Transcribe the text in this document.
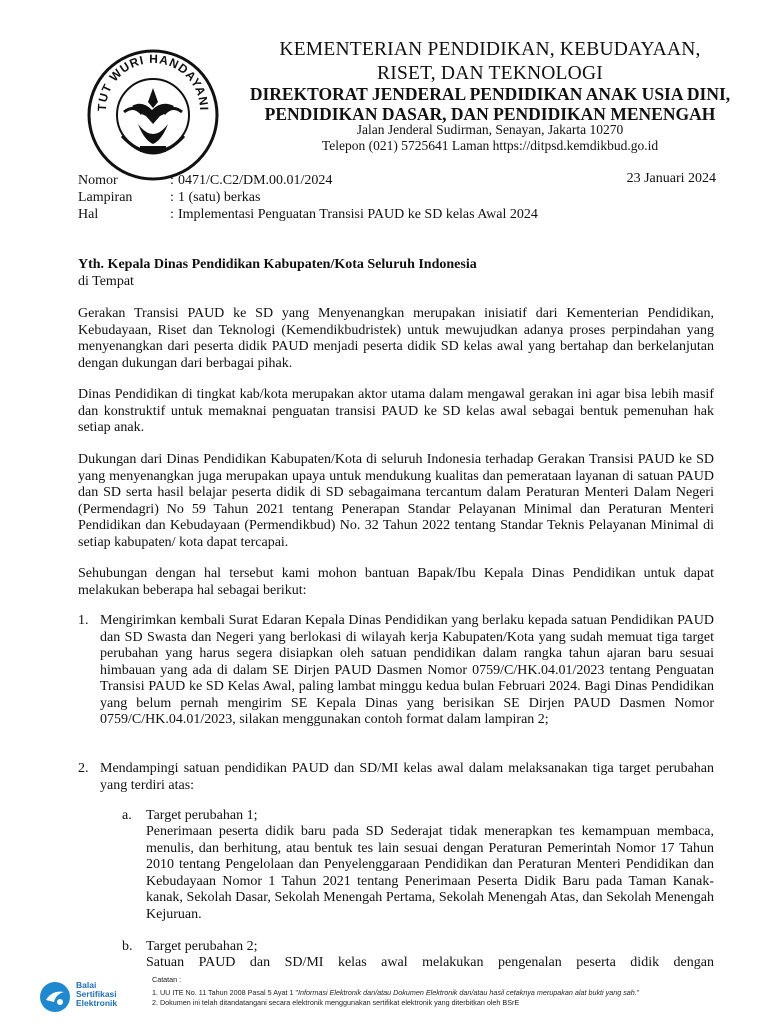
TUT WURI HANDAYANI
KEMENTERIAN PENDIDIKAN, KEBUDAYAAN,
RISET, DAN TEKNOLOGI
DIREKTORAT JENDERAL PENDIDIKAN ANAK USIA DINI,
PENDIDIKAN DASAR, DAN PENDIDIKAN MENENGAH
Jalan Jenderal Sudirman, Senayan, Jakarta 10270
Telepon (021) 5725641 Laman https://ditpsd.kemdikbud.go.id
Nomor	: 0471/C.C2/DM.00.01/2024
Lampiran	: 1 (satu) berkas
Hal	: Implementasi Penguatan Transisi PAUD ke SD kelas Awal 2024
23 Januari 2024
Yth. Kepala Dinas Pendidikan Kabupaten/Kota Seluruh Indonesia
di Tempat
Gerakan Transisi PAUD ke SD yang Menyenangkan merupakan inisiatif dari Kementerian Pendidikan, Kebudayaan, Riset dan Teknologi (Kemendikbudristek) untuk mewujudkan adanya proses perpindahan yang menyenangkan dari peserta didik PAUD menjadi peserta didik SD kelas awal yang bertahap dan berkelanjutan dengan dukungan dari berbagai pihak.
Dinas Pendidikan di tingkat kab/kota merupakan aktor utama dalam mengawal gerakan ini agar bisa lebih masif dan konstruktif untuk memaknai penguatan transisi PAUD ke SD kelas awal sebagai bentuk pemenuhan hak setiap anak.
Dukungan dari Dinas Pendidikan Kabupaten/Kota di seluruh Indonesia terhadap Gerakan Transisi PAUD ke SD yang menyenangkan juga merupakan upaya untuk mendukung kualitas dan pemerataan layanan di satuan PAUD dan SD serta hasil belajar peserta didik di SD sebagaimana tercantum dalam Peraturan Menteri Dalam Negeri (Permendagri) No 59 Tahun 2021 tentang Penerapan Standar Pelayanan Minimal dan Peraturan Menteri Pendidikan dan Kebudayaan (Permendikbud) No. 32 Tahun 2022 tentang Standar Teknis Pelayanan Minimal di setiap kabupaten/ kota dapat tercapai.
Sehubungan dengan hal tersebut kami mohon bantuan Bapak/Ibu Kepala Dinas Pendidikan untuk dapat melakukan beberapa hal sebagai berikut:
1. Mengirimkan kembali Surat Edaran Kepala Dinas Pendidikan yang berlaku kepada satuan Pendidikan PAUD dan SD Swasta dan Negeri yang berlokasi di wilayah kerja Kabupaten/Kota yang sudah memuat tiga target perubahan yang harus segera disiapkan oleh satuan pendidikan dalam rangka tahun ajaran baru sesuai himbauan yang ada di dalam SE Dirjen PAUD Dasmen Nomor 0759/C/HK.04.01/2023 tentang Penguatan Transisi PAUD ke SD Kelas Awal, paling lambat minggu kedua bulan Februari 2024. Bagi Dinas Pendidikan yang belum pernah mengirim SE Kepala Dinas yang berisikan SE Dirjen PAUD Dasmen Nomor 0759/C/HK.04.01/2023, silakan menggunakan contoh format dalam lampiran 2;
2. Mendampingi satuan pendidikan PAUD dan SD/MI kelas awal dalam melaksanakan tiga target perubahan yang terdiri atas:
a. Target perubahan 1;
Penerimaan peserta didik baru pada SD Sederajat tidak menerapkan tes kemampuan membaca, menulis, dan berhitung, atau bentuk tes lain sesuai dengan Peraturan Pemerintah Nomor 17 Tahun 2010 tentang Pengelolaan dan Penyelenggaraan Pendidikan dan Peraturan Menteri Pendidikan dan Kebudayaan Nomor 1 Tahun 2021 tentang Penerimaan Peserta Didik Baru pada Taman Kanak-kanak, Sekolah Dasar, Sekolah Menengah Pertama, Sekolah Menengah Atas, dan Sekolah Menengah Kejuruan.
b. Target perubahan 2;
Satuan PAUD dan SD/MI kelas awal melakukan pengenalan peserta didik dengan
Balai
Sertifikasi
Elektronik
Catatan :
1. UU ITE No. 11 Tahun 2008 Pasal 5 Ayat 1 "Informasi Elektronik dan/atau Dokumen Elektronik dan/atau hasil cetaknya merupakan alat bukti yang sah."
2. Dokumen ini telah ditandatangani secara elektronik menggunakan sertifikat elektronik yang diterbitkan oleh BSrE
